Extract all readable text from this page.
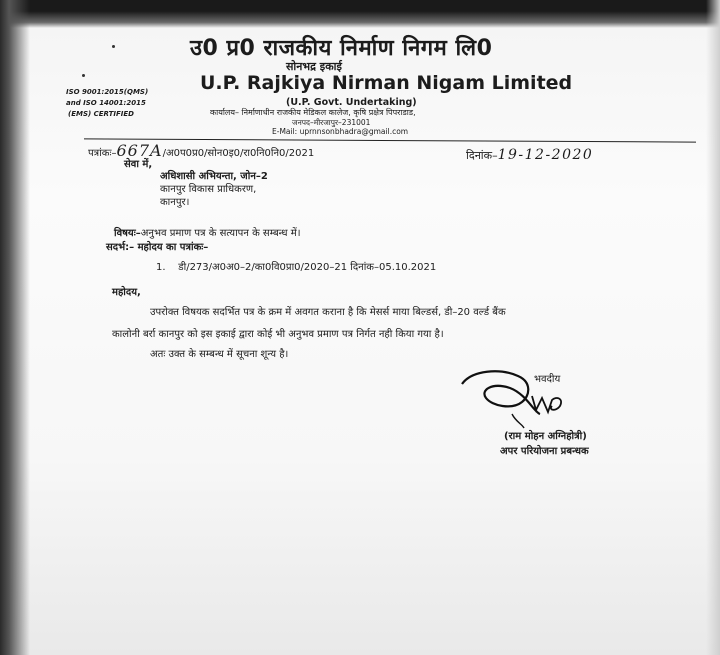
उ0 प्र0 राजकीय निर्माण निगम लि0
सोनभद्र इकाई
U.P. Rajkiya Nirman Nigam Limited
(U.P. Govt. Undertaking)
ISO 9001:2015(QMS)
and ISO 14001:2015
(EMS) CERTIFIED	कार्यालय– निर्माणाधीन राजकीय मेडिकल कालेज, कृषि प्रक्षेत्र पिपराडाड,
जनपद–मीरजापुर–231001
E-Mail: uprnnsonbhadra@gmail.com
पत्रांकः–667A/अ0प0प्र0/सोन0इ0/रा0नि0नि0/2021	दिनांक–19-12-2020
सेवा में,
अधिशासी अभियन्ता, जोन–2
कानपुर विकास प्राधिकरण,
कानपुर।
विषयः–अनुभव प्रमाण पत्र के सत्यापन के सम्बन्ध में।
सदर्भ:– महोदय का पत्रांकः–
1.    डी/273/अ0अ0–2/का0वि0प्रा0/2020–21 दिनांक–05.10.2021
महोदय,
उपरोक्त विषयक सदर्भित पत्र के क्रम में अवगत कराना है कि मेसर्स माया बिल्डर्स, डी–20 वर्ल्ड बैंक
कालोनी बर्रा कानपुर को इस इकाई द्वारा कोई भी अनुभव प्रमाण पत्र निर्गत नही किया गया है।
अतः उक्त के सम्बन्ध में सूचना शून्य है।
भवदीय
(राम मोहन अग्निहोत्री)
अपर परियोजना प्रबन्धक
